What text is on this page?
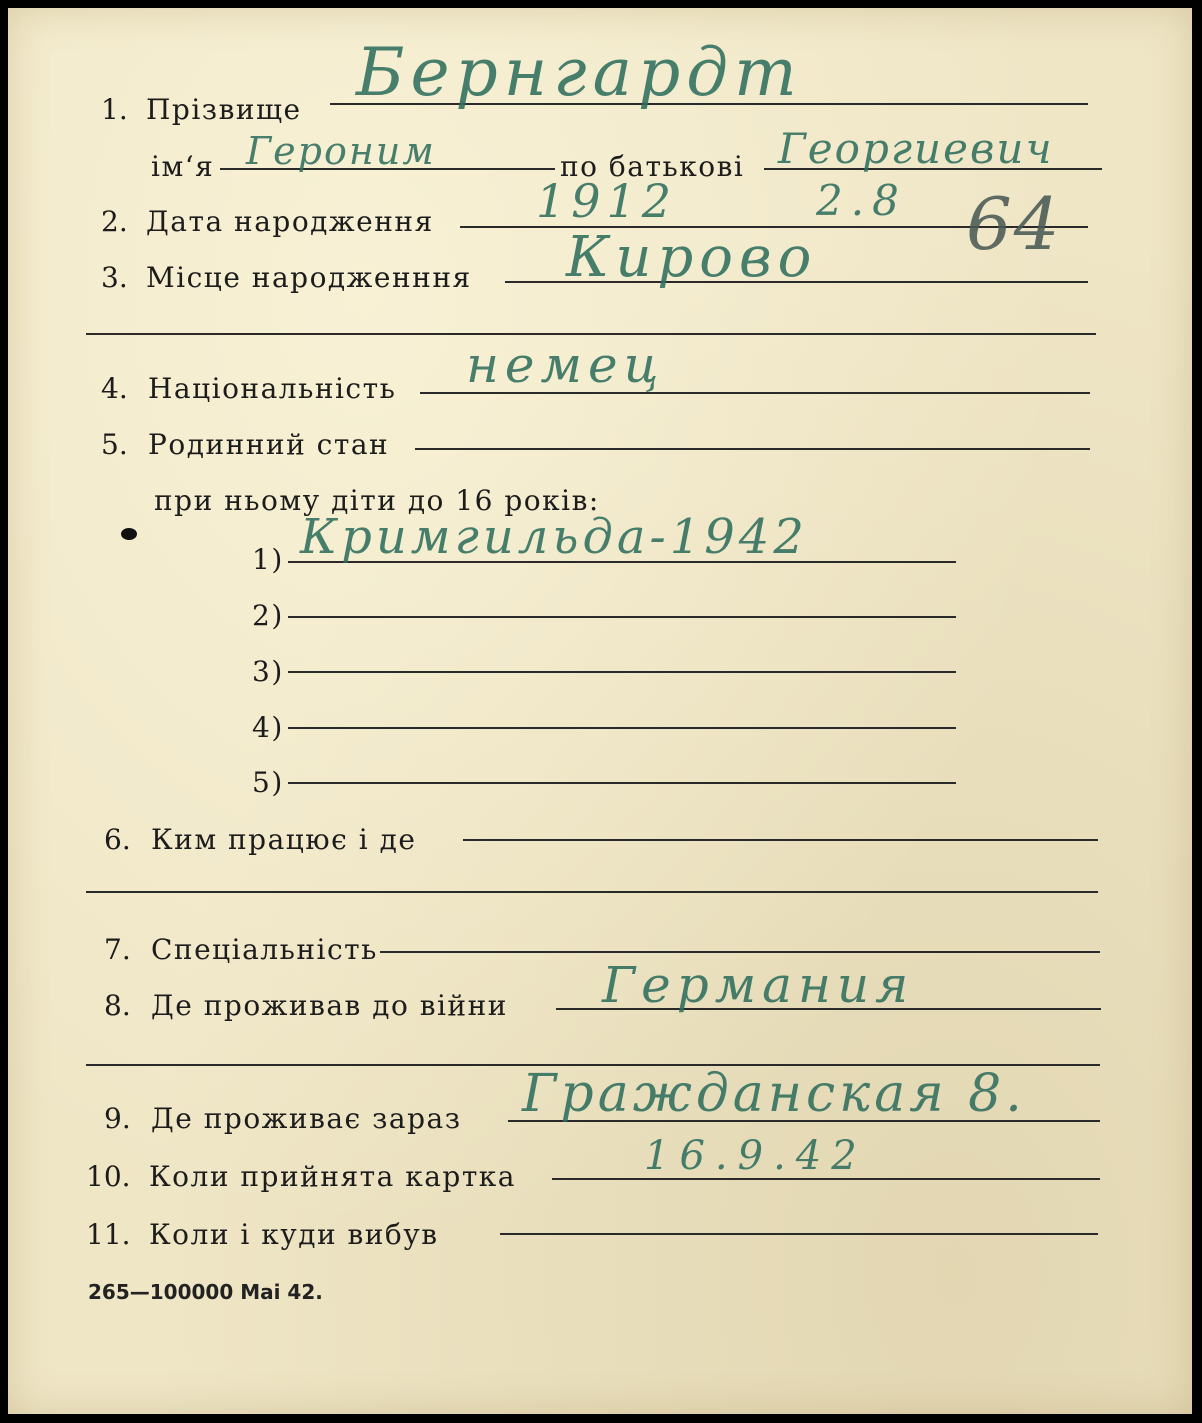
1. Прізвище Бернгардт
ім‘я Героним	по батькові Георгиевич
2. Дата народження 1912	2.8 64
3. Місце народженння Кирово
4. Національність немец
5. Родинний стан
при ньому діти до 16 років:
1) Кримгильда-1942
2)
3)
4)
5)
6. Ким працює і де
7. Спеціальність
8. Де проживав до війни Германия
9. Де проживає зараз Гражданская 8.
10. Коли прийнята картка	16.9.42
11. Коли і куди вибув
265—100000 Mai 42.
